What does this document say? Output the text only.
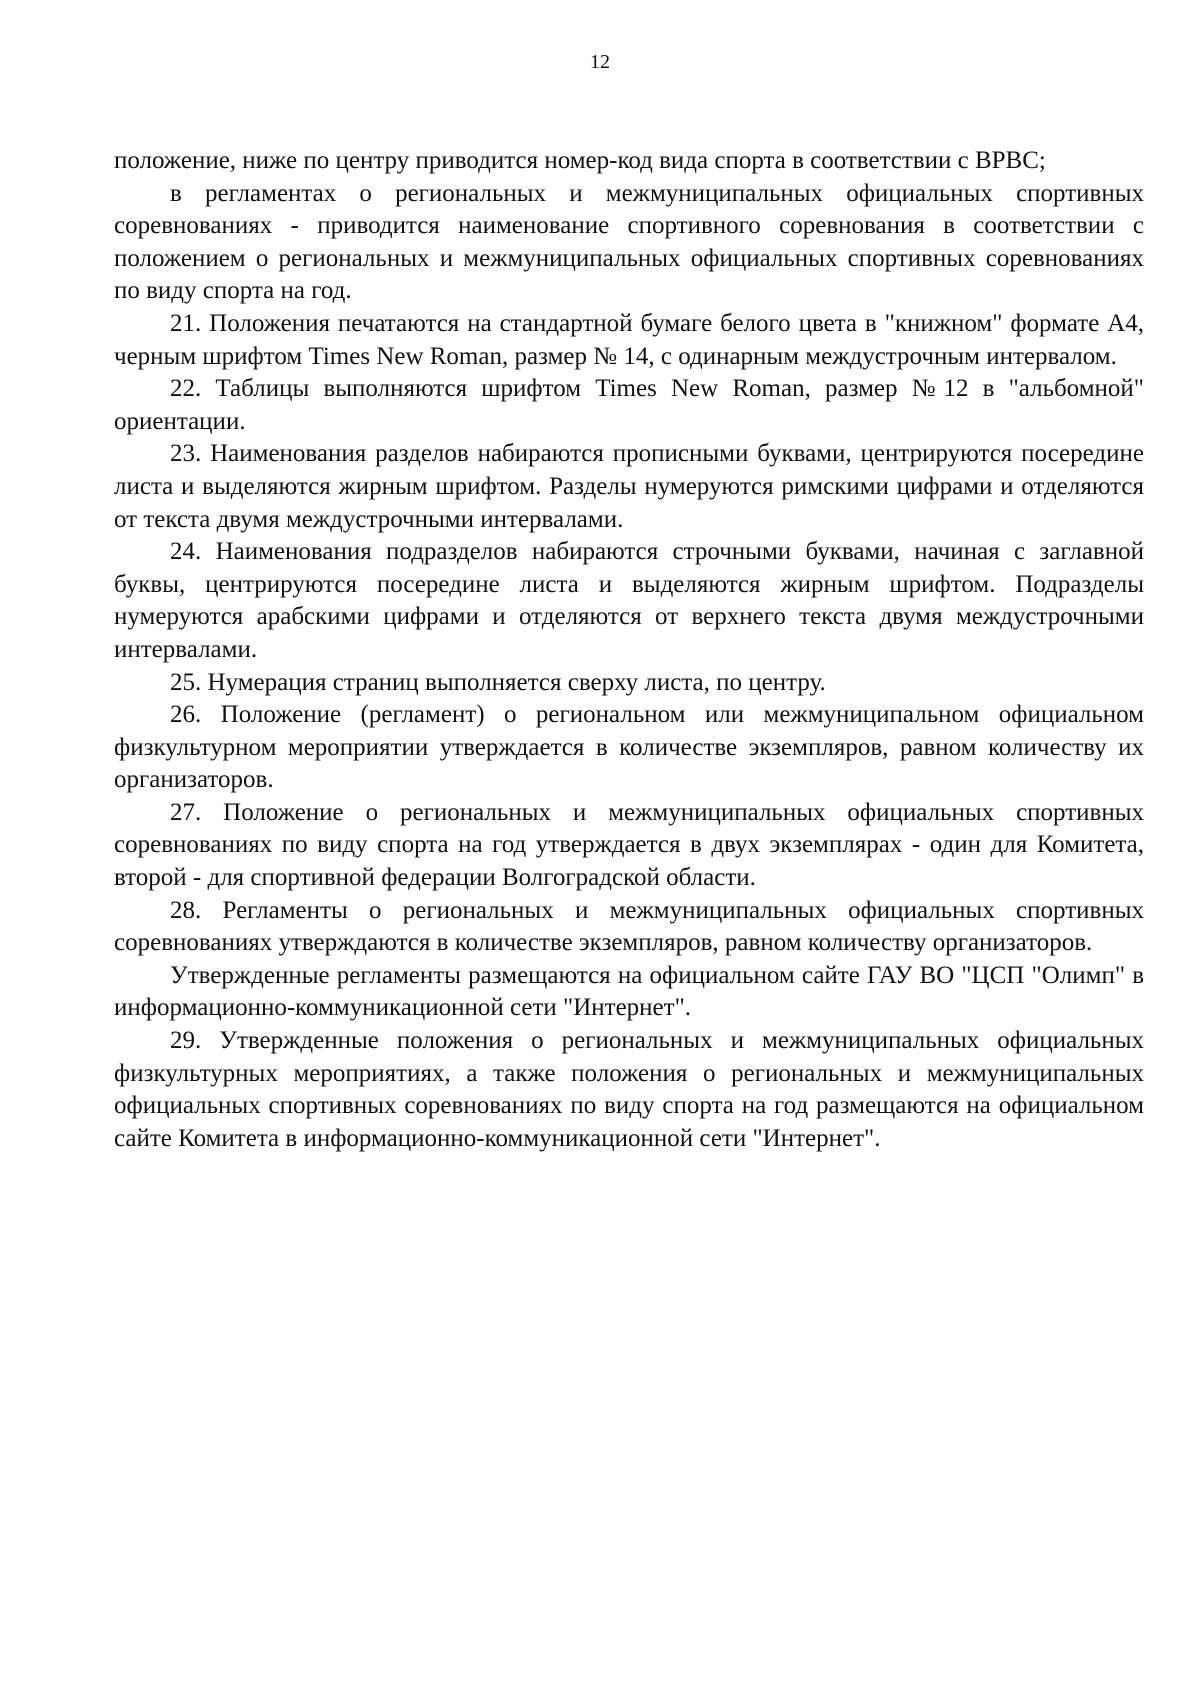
12

положение, ниже по центру приводится номер-код вида спорта в соответствии с ВРВС;

в регламентах о региональных и межмуниципальных официальных спортивных соревнованиях - приводится наименование спортивного соревнования в соответствии с положением о региональных и межмуниципальных официальных спортивных соревнованиях по виду спорта на год.

21. Положения печатаются на стандартной бумаге белого цвета в "книжном" формате А4, черным шрифтом Times New Roman, размер № 14, с одинарным междустрочным интервалом.

22. Таблицы выполняются шрифтом Times New Roman, размер №12 в "альбомной" ориентации.

23. Наименования разделов набираются прописными буквами, центрируются посередине листа и выделяются жирным шрифтом. Разделы нумеруются римскими цифрами и отделяются от текста двумя междустрочными интервалами.

24. Наименования подразделов набираются строчными буквами, начиная с заглавной буквы, центрируются посередине листа и выделяются жирным шрифтом. Подразделы нумеруются арабскими цифрами и отделяются от верхнего текста двумя междустрочными интервалами.

25. Нумерация страниц выполняется сверху листа, по центру.

26. Положение (регламент) о региональном или межмуниципальном официальном физкультурном мероприятии утверждается в количестве экземпляров, равном количеству их организаторов.

27. Положение о региональных и межмуниципальных официальных спортивных соревнованиях по виду спорта на год утверждается в двух экземплярах - один для Комитета, второй - для спортивной федерации Волгоградской области.

28. Регламенты о региональных и межмуниципальных официальных спортивных соревнованиях утверждаются в количестве экземпляров, равном количеству организаторов.

Утвержденные регламенты размещаются на официальном сайте ГАУ ВО "ЦСП "Олимп" в информационно-коммуникационной сети "Интернет".

29. Утвержденные положения о региональных и межмуниципальных официальных физкультурных мероприятиях, а также положения о региональных и межмуниципальных официальных спортивных соревнованиях по виду спорта на год размещаются на официальном сайте Комитета в информационно-коммуникационной сети "Интернет".
